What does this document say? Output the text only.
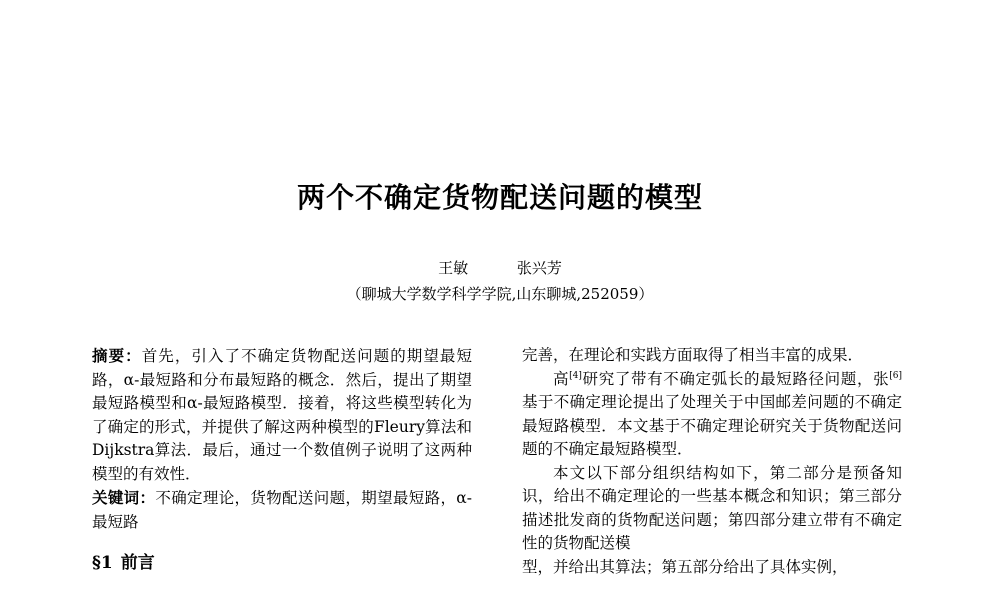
两个不确定货物配送问题的模型
王敏	张兴芳
（聊城大学数学科学学院,山东聊城,252059）

摘要：首先，引入了不确定货物配送问题的期望最短路，α-最短路和分布最短路的概念．然后，提出了期望最短路模型和α-最短路模型．接着，将这些模型转化为了确定的形式，并提供了解这两种模型的Fleury算法和Dijkstra算法．最后，通过一个数值例子说明了这两种模型的有效性．

关键词：不确定理论，货物配送问题，期望最短路，α-最短路

§1 前言

完善，在理论和实践方面取得了相当丰富的成果．

高[4]研究了带有不确定弧长的最短路径问题，张[6]基于不确定理论提出了处理关于中国邮差问题的不确定最短路模型．本文基于不确定理论研究关于货物配送问题的不确定最短路模型．

本文以下部分组织结构如下，第二部分是预备知识，给出不确定理论的一些基本概念和知识；第三部分描述批发商的货物配送问题；第四部分建立带有不确定性的货物配送模

型，并给出其算法；第五部分给出了具体实例，
